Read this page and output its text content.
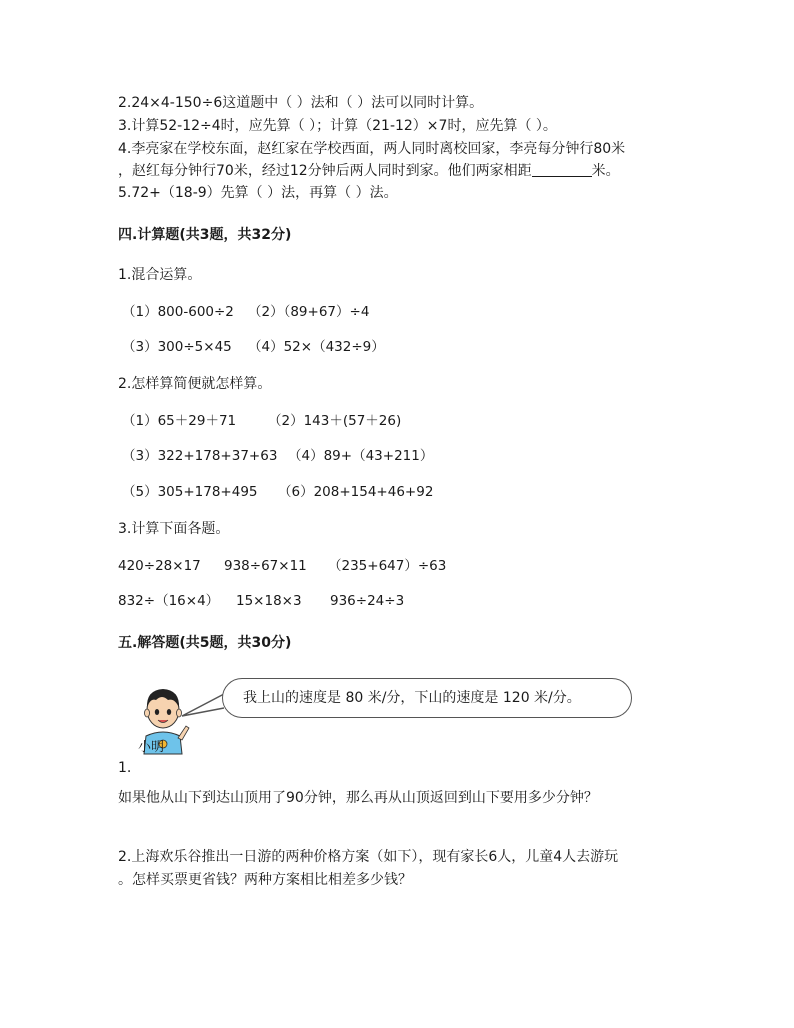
2.24×4-150÷6这道题中（ ）法和（ ）法可以同时计算。
3.计算52-12÷4时，应先算（ ）；计算（21-12）×7时，应先算（ ）。
4.李亮家在学校东面，赵红家在学校西面，两人同时离校回家，李亮每分钟行80米
，赵红每分钟行70米，经过12分钟后两人同时到家。他们两家相距	米。
5.72+（18-9）先算（ ）法，再算（ ）法。
四.计算题(共3题，共32分)
1.混合运算。
（1）800-600÷2 （2）（89+67）÷4
（3）300÷5×45 （4）52×（432÷9）
2.怎样算简便就怎样算。
（1）65＋29＋71 （2）143＋(57＋26)
（3）322+178+37+63 （4）89+（43+211）
（5）305+178+495 （6）208+154+46+92
3.计算下面各题。
420÷28×17 938÷67×11 （235+647）÷63
832÷（16×4） 15×18×3 936÷24÷3
五.解答题(共5题，共30分)
小明
我上山的速度是 80 米/分，下山的速度是 120 米/分。
1.
如果他从山下到达山顶用了90分钟，那么再从山顶返回到山下要用多少分钟？
2.上海欢乐谷推出一日游的两种价格方案（如下），现有家长6人，儿童4人去游玩
。怎样买票更省钱？两种方案相比相差多少钱？
